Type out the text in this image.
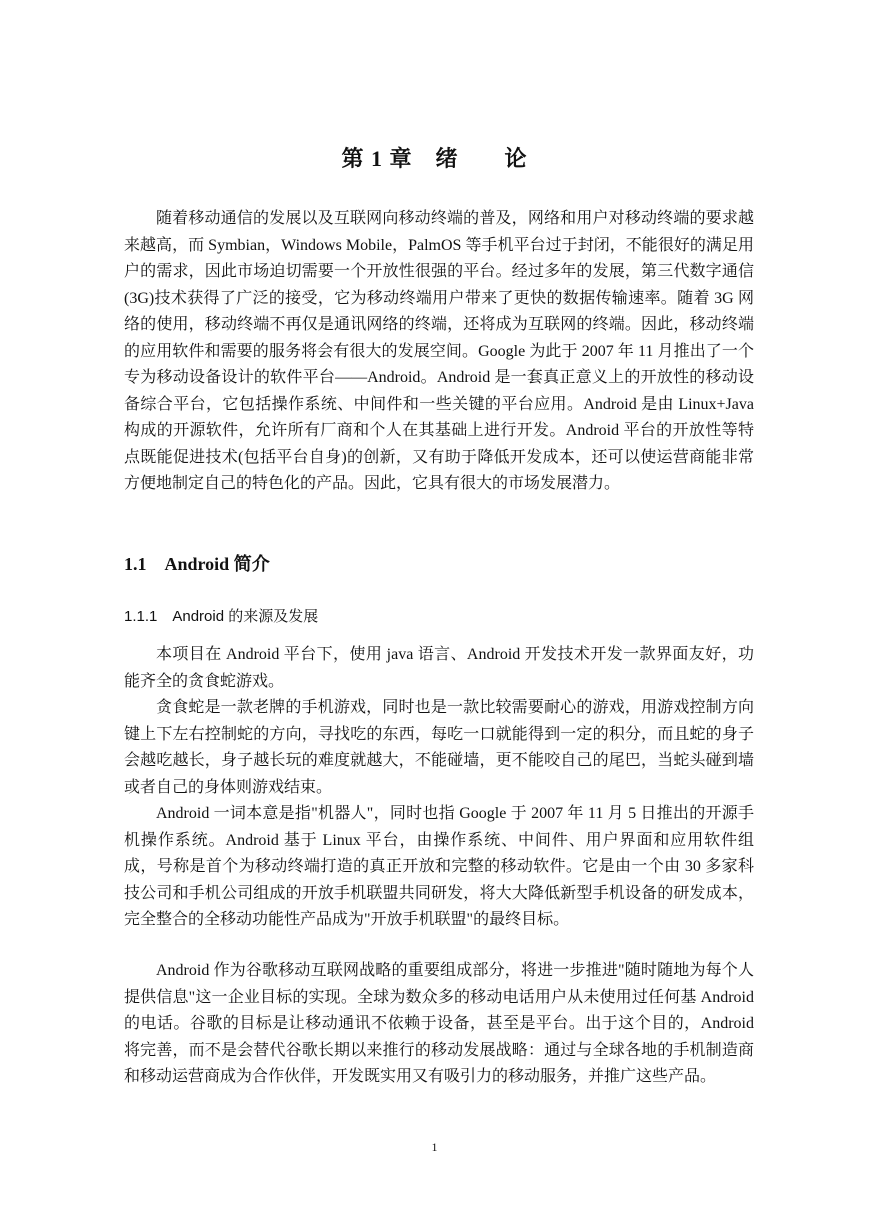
第 1 章　绪　　论

随着移动通信的发展以及互联网向移动终端的普及，网络和用户对移动终端的要求越来越高，而 Symbian，Windows Mobile，PalmOS 等手机平台过于封闭，不能很好的满足用户的需求，因此市场迫切需要一个开放性很强的平台。经过多年的发展，第三代数字通信(3G)技术获得了广泛的接受，它为移动终端用户带来了更快的数据传输速率。随着 3G 网络的使用，移动终端不再仅是通讯网络的终端，还将成为互联网的终端。因此，移动终端的应用软件和需要的服务将会有很大的发展空间。Google 为此于 2007 年 11 月推出了一个专为移动设备设计的软件平台——Android。Android 是一套真正意义上的开放性的移动设备综合平台，它包括操作系统、中间件和一些关键的平台应用。Android 是由 Linux+Java 构成的开源软件，允许所有厂商和个人在其基础上进行开发。Android 平台的开放性等特点既能促进技术(包括平台自身)的创新，又有助于降低开发成本，还可以使运营商能非常方便地制定自己的特色化的产品。因此，它具有很大的市场发展潜力。

1.1　Android 简介
1.1.1　Android 的来源及发展

本项目在 Android 平台下，使用 java 语言、Android 开发技术开发一款界面友好，功能齐全的贪食蛇游戏。

贪食蛇是一款老牌的手机游戏，同时也是一款比较需要耐心的游戏，用游戏控制方向键上下左右控制蛇的方向，寻找吃的东西，每吃一口就能得到一定的积分，而且蛇的身子会越吃越长，身子越长玩的难度就越大，不能碰墙，更不能咬自己的尾巴，当蛇头碰到墙或者自己的身体则游戏结束。

Android 一词本意是指"机器人"，同时也指 Google 于 2007 年 11 月 5 日推出的开源手机操作系统。Android 基于 Linux 平台，由操作系统、中间件、用户界面和应用软件组成，号称是首个为移动终端打造的真正开放和完整的移动软件。它是由一个由 30 多家科技公司和手机公司组成的开放手机联盟共同研发，将大大降低新型手机设备的研发成本，完全整合的全移动功能性产品成为"开放手机联盟"的最终目标。

Android 作为谷歌移动互联网战略的重要组成部分，将进一步推进"随时随地为每个人提供信息"这一企业目标的实现。全球为数众多的移动电话用户从未使用过任何基 Android 的电话。谷歌的目标是让移动通讯不依赖于设备，甚至是平台。出于这个目的，Android 将完善，而不是会替代谷歌长期以来推行的移动发展战略：通过与全球各地的手机制造商和移动运营商成为合作伙伴，开发既实用又有吸引力的移动服务，并推广这些产品。

1
